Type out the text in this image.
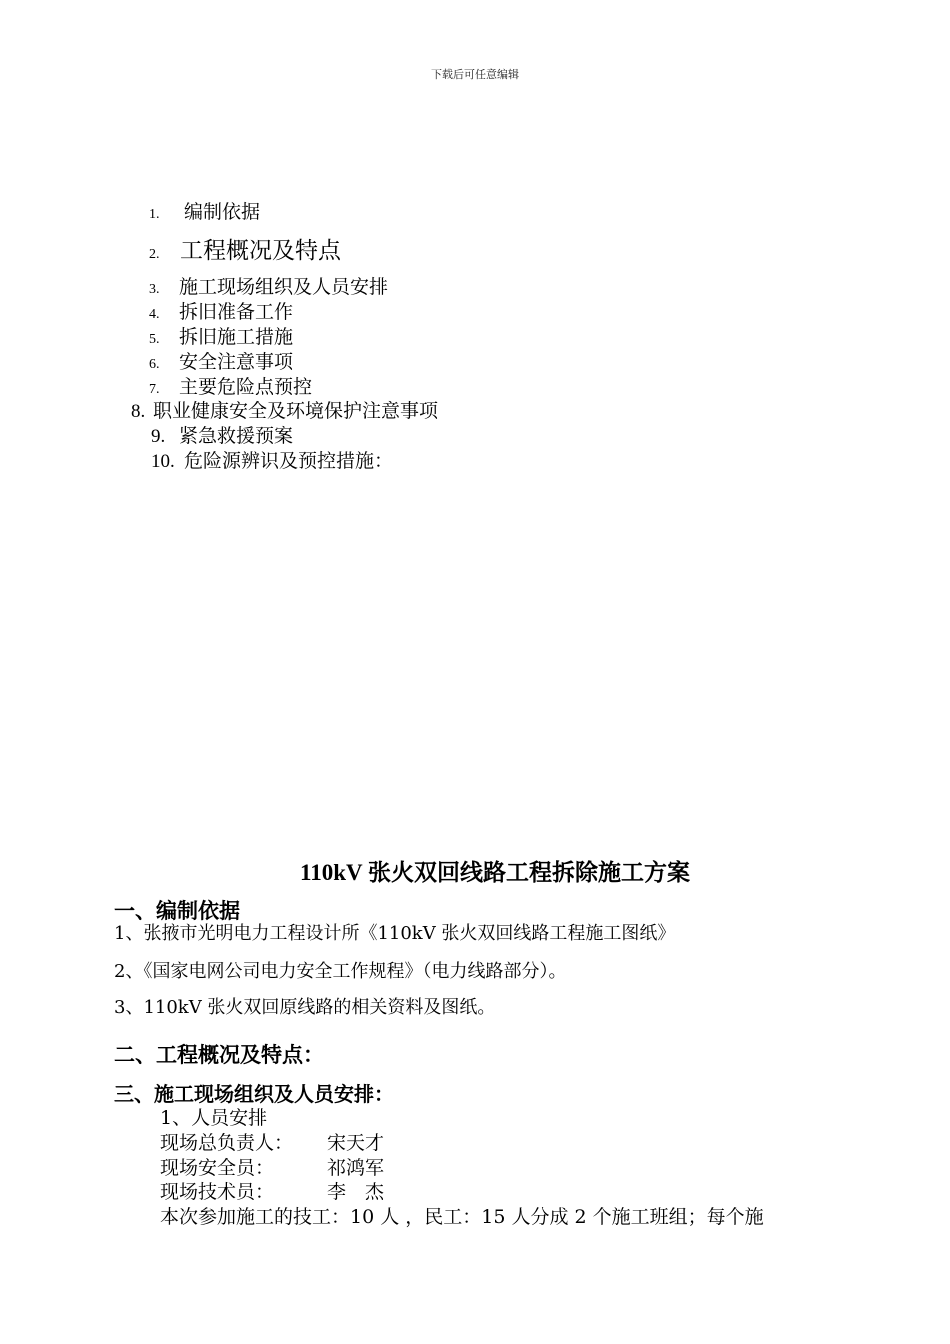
下载后可任意编辑
1. 编制依据
2. 工程概况及特点
3. 施工现场组织及人员安排
4. 拆旧准备工作
5. 拆旧施工措施
6. 安全注意事项
7. 主要危险点预控
8. 职业健康安全及环境保护注意事项
9. 紧急救援预案
10. 危险源辨识及预控措施：
110kV 张火双回线路工程拆除施工方案
一、编制依据
1、张掖市光明电力工程设计所《110kV 张火双回线路工程施工图纸》
2、《国家电网公司电力安全工作规程》（电力线路部分）。
3、110kV 张火双回原线路的相关资料及图纸。
二、工程概况及特点：
三、施工现场组织及人员安排：
1、人员安排
现场总负责人： 宋天才
现场安全员：	祁鸿军
现场技术员：	李　杰
本次参加施工的技工：10 人 ，民工：15 人分成 2 个施工班组；每个施
